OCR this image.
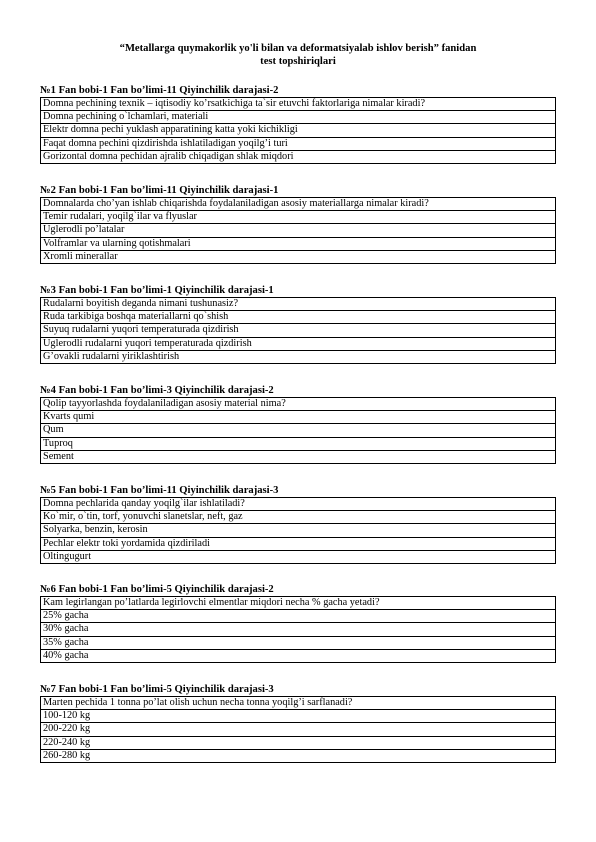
“Metallarga quymakorlik yo'li bilan va deformatsiyalab ishlov berish” fanidan
test topshiriqlari
№1 Fan bobi-1 Fan bo’limi-11 Qiyinchilik darajasi-2
Domna pechining texnik – iqtisodiy ko’rsatkichiga ta`sir etuvchi faktorlariga nimalar kiradi?
Domna pechining o`lchamlari, materiali
Elektr domna pechi yuklash apparatining katta yoki kichikligi
Faqat domna pechini qizdirishda ishlatiladigan yoqilg’i turi
Gorizontal domna pechidan ajralib chiqadigan shlak miqdori
№2 Fan bobi-1 Fan bo’limi-11 Qiyinchilik darajasi-1
Domnalarda cho’yan ishlab chiqarishda foydalaniladigan asosiy materiallarga nimalar kiradi?
Temir rudalari, yoqilg`ilar va flyuslar
Uglerodli po’latalar
Volframlar va ularning qotishmalari
Xromli minerallar
№3 Fan bobi-1 Fan bo’limi-1 Qiyinchilik darajasi-1
Rudalarni boyitish deganda nimani tushunasiz?
Ruda tarkibiga boshqa materiallarni qo`shish
Suyuq rudalarni yuqori temperaturada qizdirish
Uglerodli rudalarni yuqori temperaturada qizdirish
G’ovakli rudalarni yiriklashtirish
№4 Fan bobi-1 Fan bo’limi-3 Qiyinchilik darajasi-2
Qolip tayyorlashda foydalaniladigan asosiy material nima?
Kvarts qumi
Qum
Tuproq
Sement
№5 Fan bobi-1 Fan bo’limi-11 Qiyinchilik darajasi-3
Domna pechlarida qanday yoqilg`ilar ishlatiladi?
Ko`mir, o`tin, torf, yonuvchi slanetslar, neft, gaz
Solyarka, benzin, kerosin
Pechlar elektr toki yordamida qizdiriladi
Oltingugurt
№6 Fan bobi-1 Fan bo’limi-5 Qiyinchilik darajasi-2
Kam legirlangan po’latlarda legirlovchi elmentlar miqdori necha % gacha yetadi?
25% gacha
30% gacha
35% gacha
40% gacha
№7 Fan bobi-1 Fan bo’limi-5 Qiyinchilik darajasi-3
Marten pechida 1 tonna po’lat olish uchun necha tonna yoqilg’i sarflanadi?
100-120 kg
200-220 kg
220-240 kg
260-280 kg
